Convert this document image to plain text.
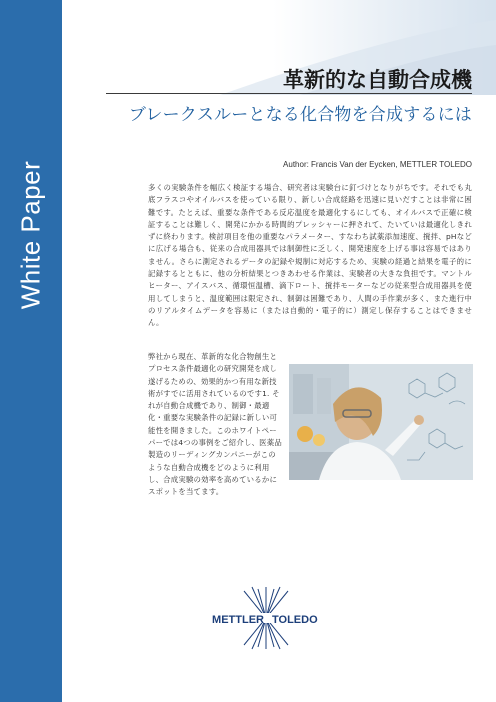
White Paper
革新的な自動合成機
ブレークスルーとなる化合物を合成するには
Author: Francis Van der Eycken, METTLER TOLEDO
多くの実験条件を幅広く検証する場合、研究者は実験台に釘づけとなりがちです。それでも丸底フラスコやオイルバスを使っている限り、新しい合成経路を迅速に見いだすことは非常に困難です。たとえば、重要な条件である反応温度を最適化するにしても、オイルバスで正確に検証することは難しく、開発にかかる時間的プレッシャーに押されて、たいていは最適化しきれずに終わります。検討項目を他の重要なパラメーター、すなわち試薬添加速度、撹拌、pHなどに広げる場合も、従来の合成用器具では制御性に乏しく、開発速度を上げる事は容易ではありません。さらに測定されるデータの記録や規制に対応するため、実験の経過と結果を電子的に記録するとともに、他の分析結果とつきあわせる作業は、実験者の大きな負担です。マントルヒーター、アイスバス、循環恒温槽、滴下ロート、撹拌モーターなどの従来型合成用器具を使用してしまうと、温度範囲は限定され、制御は困難であり、人間の手作業が多く、また進行中のリアルタイムデータを容易に（または自動的・電子的に）測定し保存することはできません。
弊社から現在、革新的な化合物創生とプロセス条件最適化の研究開発を成し遂げるための、効果的かつ有用な新技術がすでに活用されているのです1. それが自動合成機であり、制御・最適化・重要な実験条件の記録に新しい可能性を開きました。このホワイトペーパーでは4つの事例をご紹介し、医薬品製造のリーディングカンパニーがこのような自動合成機をどのように利用し、合成実験の効率を高めているかにスポットを当てます。
METTLER TOLEDO
